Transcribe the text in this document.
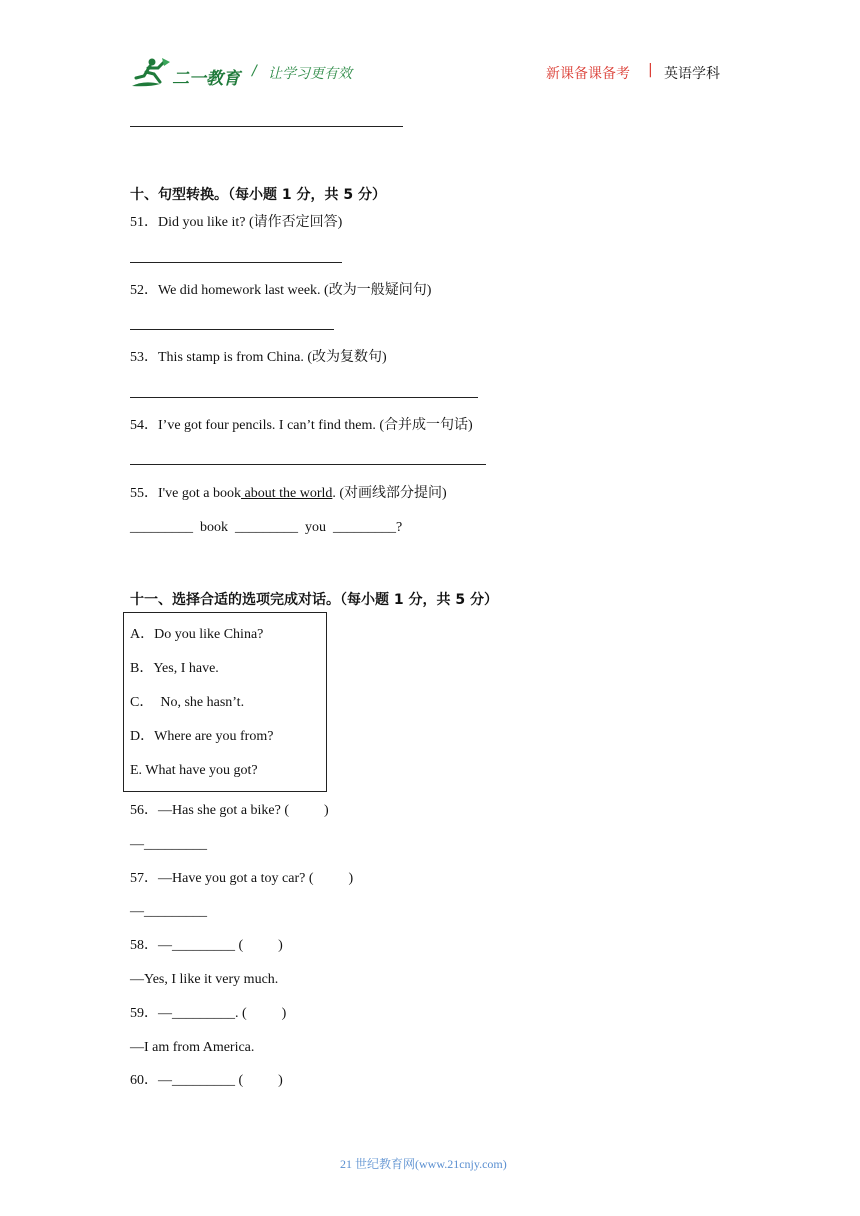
二一教育 / 让学习更有效	新课备课备考 | 英语学科
十、句型转换。（每小题 1 分，共 5 分）
51．Did you like it? (请作否定回答)
52．We did homework last week. (改为一般疑问句)
53．This stamp is from China. (改为复数句)
54．I’ve got four pencils. I can’t find them. (合并成一句话)
55．I've got a book about the world. (对画线部分提问)
_________  book  _________  you  _________?
十一、选择合适的选项完成对话。（每小题 1 分，共 5 分）
A．Do you like China?
B．Yes, I have.
C．  No, she hasn’t.
D．Where are you from?
E. What have you got?
56．—Has she got a bike? (          )
—_________
57．—Have you got a toy car? (          )
—_________
58．—_________ (          )
—Yes, I like it very much.
59．—_________. (          )
—I am from America.
60．—_________ (          )
21 世纪教育网(www.21cnjy.com)
